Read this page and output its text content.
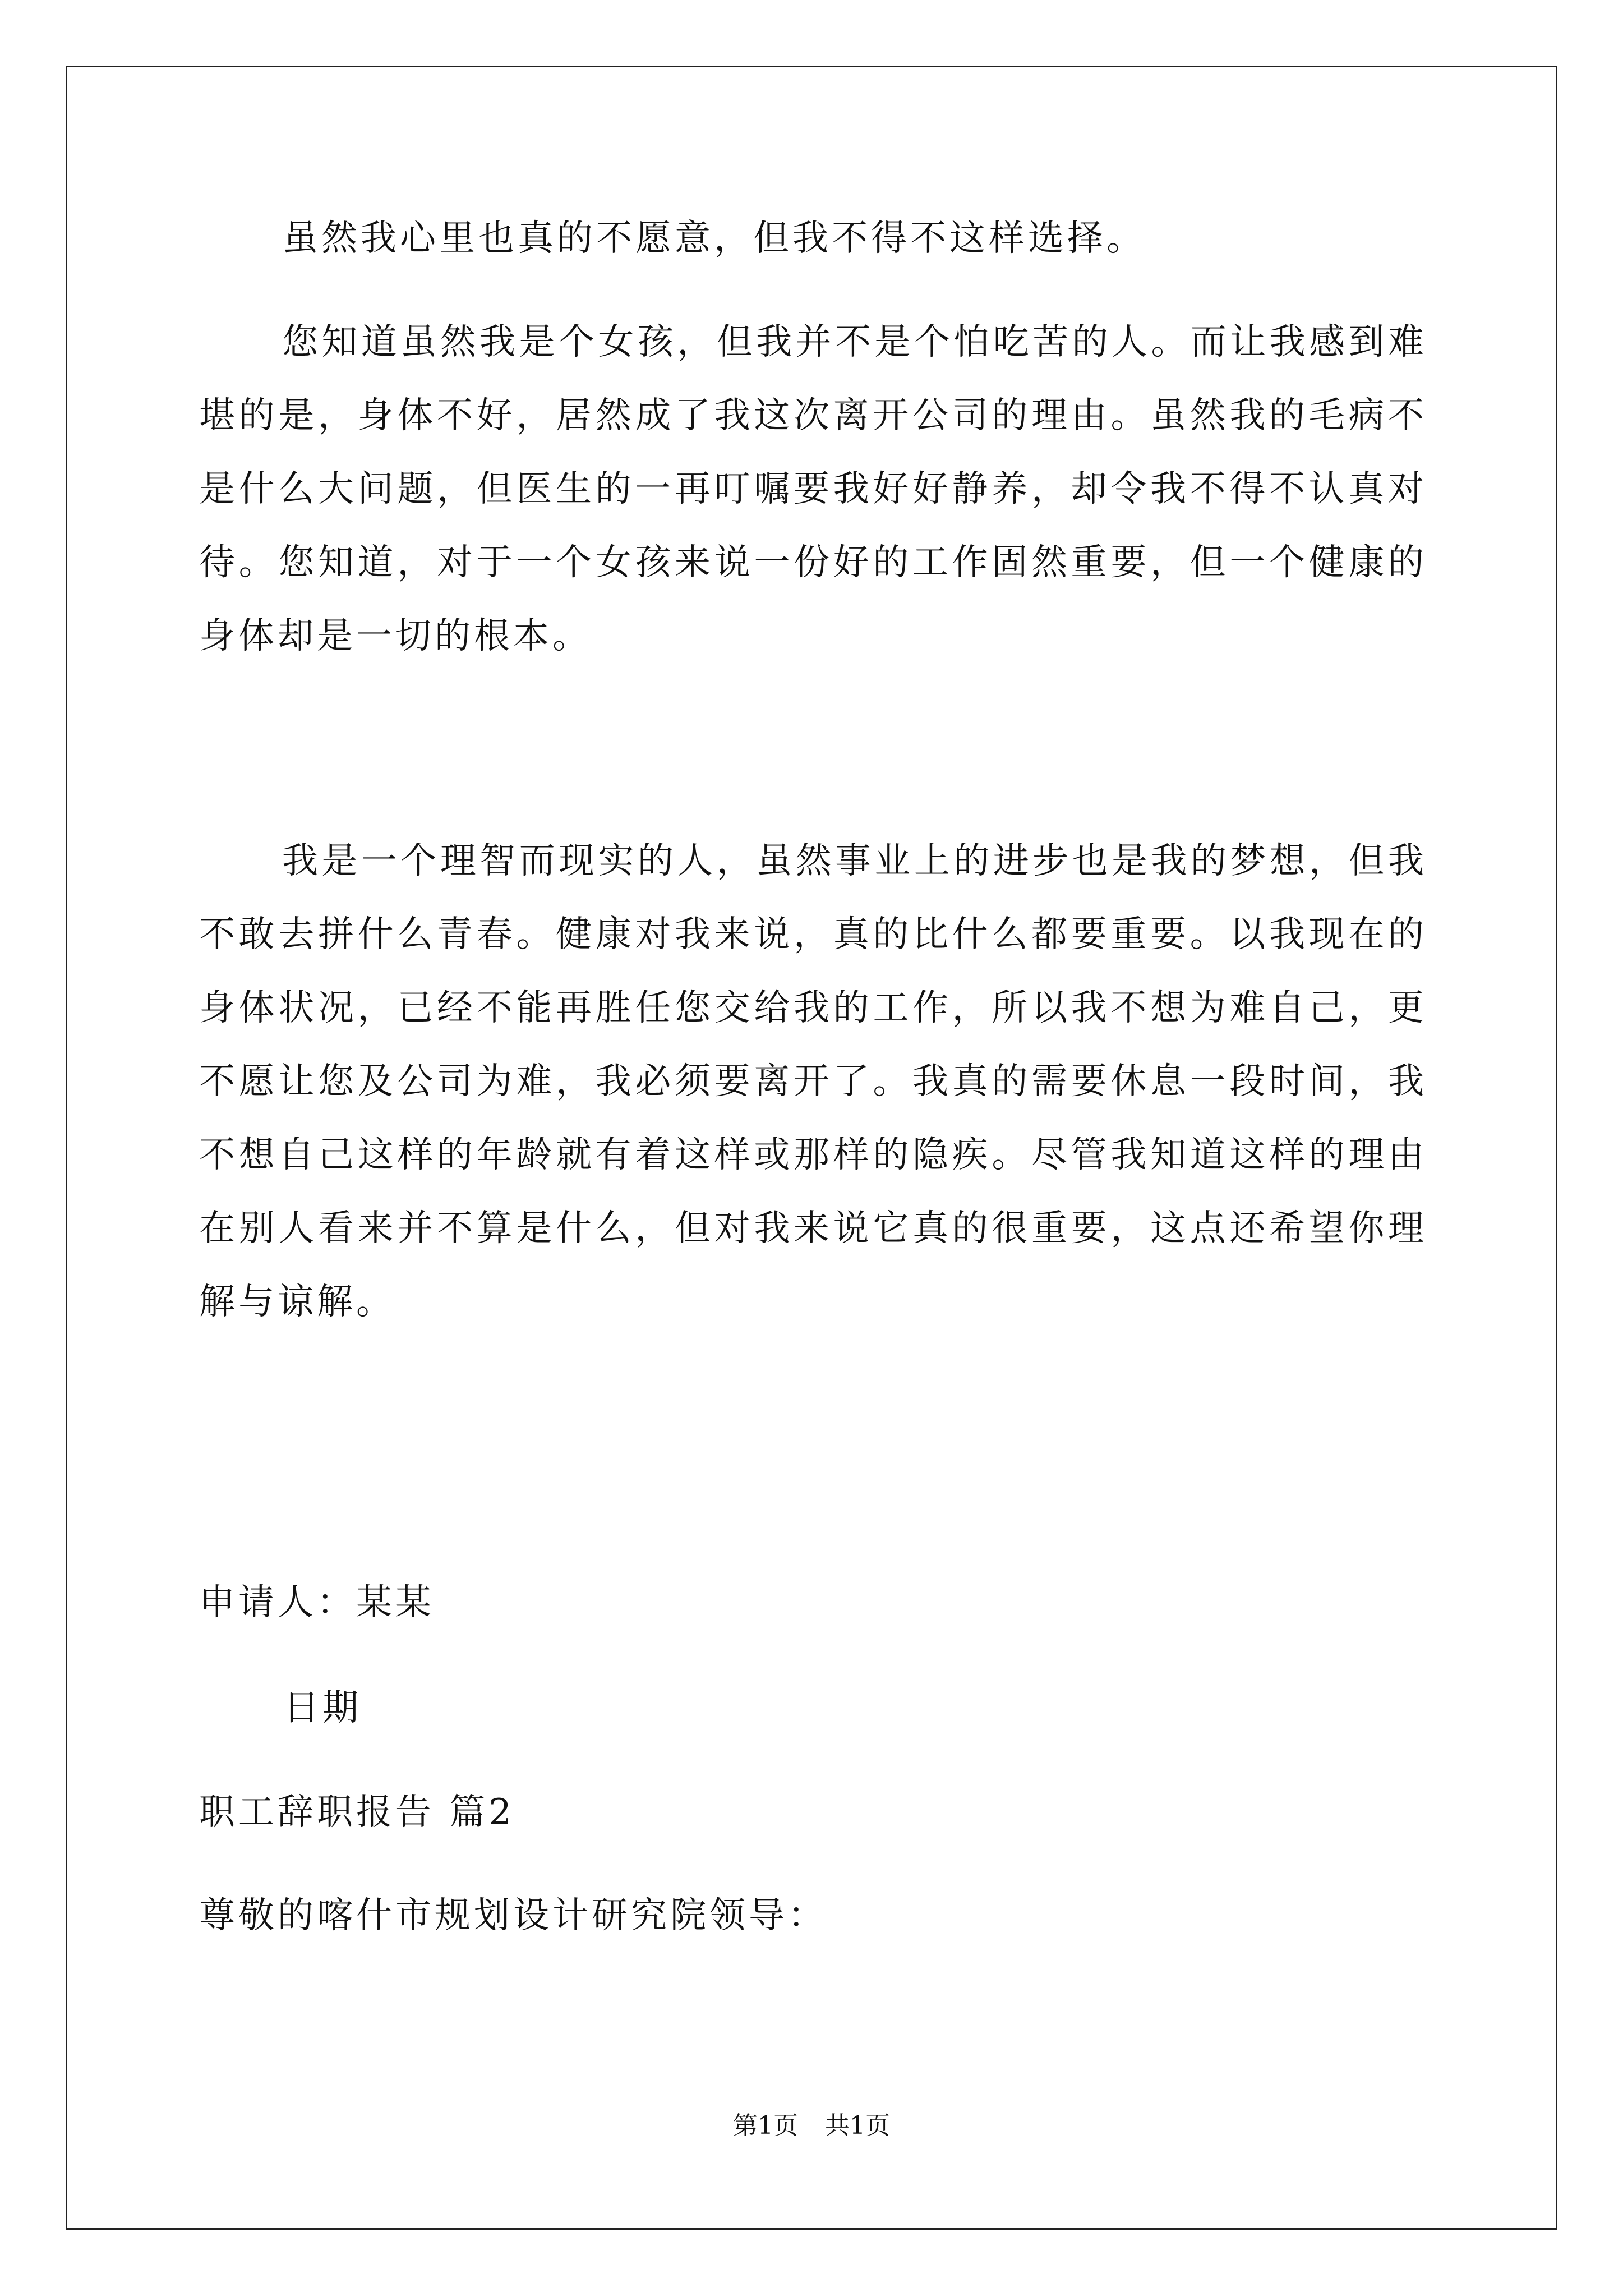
虽然我心里也真的不愿意，但我不得不这样选择。

您知道虽然我是个女孩，但我并不是个怕吃苦的人。而让我感到难堪的是，身体不好，居然成了我这次离开公司的理由。虽然我的毛病不是什么大问题，但医生的一再叮嘱要我好好静养，却令我不得不认真对待。您知道，对于一个女孩来说一份好的工作固然重要，但一个健康的身体却是一切的根本。

我是一个理智而现实的人，虽然事业上的进步也是我的梦想，但我不敢去拼什么青春。健康对我来说，真的比什么都要重要。以我现在的身体状况，已经不能再胜任您交给我的工作，所以我不想为难自己，更不愿让您及公司为难，我必须要离开了。我真的需要休息一段时间，我不想自己这样的年龄就有着这样或那样的隐疾。尽管我知道这样的理由在别人看来并不算是什么，但对我来说它真的很重要，这点还希望你理解与谅解。

申请人：某某

日期

职工辞职报告 篇2

尊敬的喀什市规划设计研究院领导：

第1页 共1页
